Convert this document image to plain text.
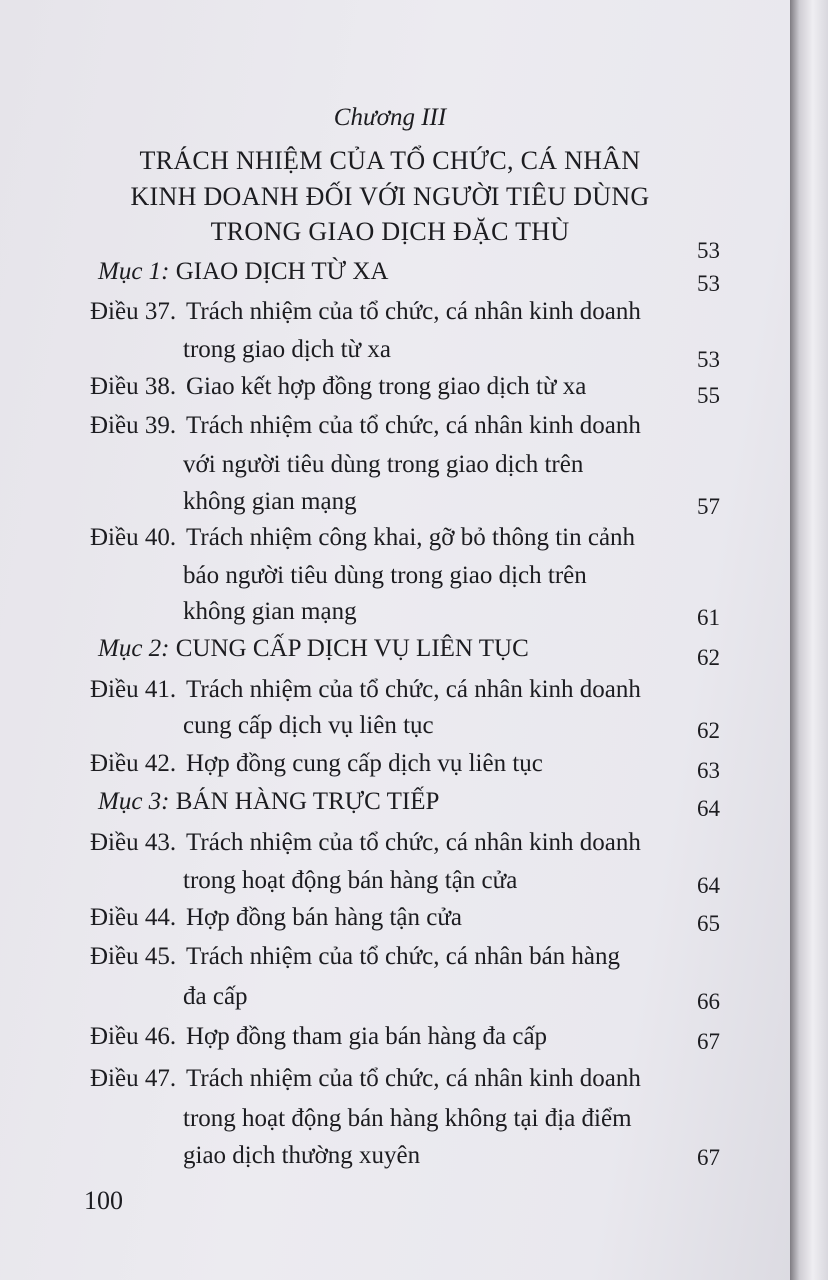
Chương III
TRÁCH NHIỆM CỦA TỔ CHỨC, CÁ NHÂN
KINH DOANH ĐỐI VỚI NGƯỜI TIÊU DÙNG
TRONG GIAO DỊCH ĐẶC THÙ
53
Mục 1: GIAO DỊCH TỪ XA	53
Điều 37. Trách nhiệm của tổ chức, cá nhân kinh doanh
trong giao dịch từ xa	53
Điều 38. Giao kết hợp đồng trong giao dịch từ xa	55
Điều 39. Trách nhiệm của tổ chức, cá nhân kinh doanh
với người tiêu dùng trong giao dịch trên
không gian mạng	57
Điều 40. Trách nhiệm công khai, gỡ bỏ thông tin cảnh
báo người tiêu dùng trong giao dịch trên
không gian mạng	61
Mục 2: CUNG CẤP DỊCH VỤ LIÊN TỤC	62
Điều 41. Trách nhiệm của tổ chức, cá nhân kinh doanh
cung cấp dịch vụ liên tục	62
Điều 42. Hợp đồng cung cấp dịch vụ liên tục	63
Mục 3: BÁN HÀNG TRỰC TIẾP	64
Điều 43. Trách nhiệm của tổ chức, cá nhân kinh doanh
trong hoạt động bán hàng tận cửa	64
Điều 44. Hợp đồng bán hàng tận cửa	65
Điều 45. Trách nhiệm của tổ chức, cá nhân bán hàng
đa cấp	66
Điều 46. Hợp đồng tham gia bán hàng đa cấp	67
Điều 47. Trách nhiệm của tổ chức, cá nhân kinh doanh
trong hoạt động bán hàng không tại địa điểm
giao dịch thường xuyên	67
100
